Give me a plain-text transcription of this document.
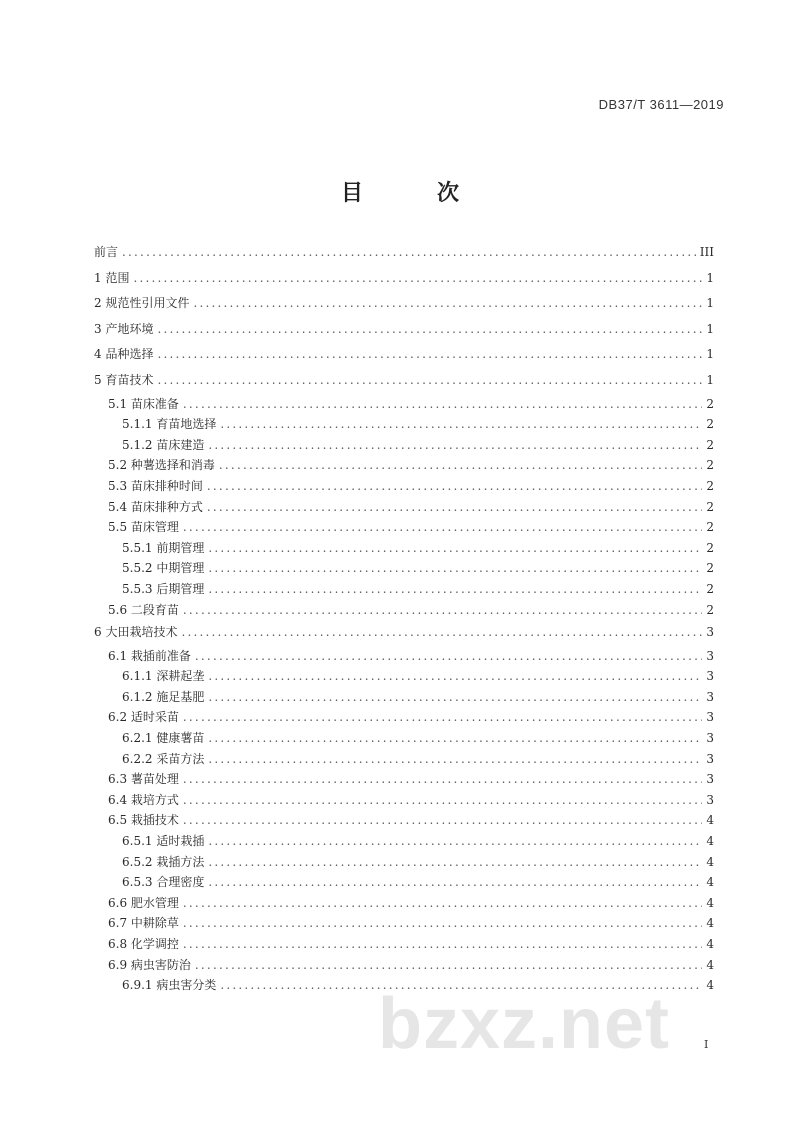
DB37/T 3611—2019
目　次
前言 .....	III
1 范围 .....	1
2 规范性引用文件 .....	1
3 产地环境 .....	1
4 品种选择 .....	1
5 育苗技术 .....	1
5.1 苗床准备 .....	2
5.1.1 育苗地选择 .....	2
5.1.2 苗床建造 .....	2
5.2 种薯选择和消毒 .....	2
5.3 苗床排种时间 .....	2
5.4 苗床排种方式 .....	2
5.5 苗床管理 .....	2
5.5.1 前期管理 .....	2
5.5.2 中期管理 .....	2
5.5.3 后期管理 .....	2
5.6 二段育苗 .....	2
6 大田栽培技术 .....	3
6.1 栽插前准备 .....	3
6.1.1 深耕起垄 .....	3
6.1.2 施足基肥 .....	3
6.2 适时采苗 .....	3
6.2.1 健康薯苗 .....	3
6.2.2 采苗方法 .....	3
6.3 薯苗处理 .....	3
6.4 栽培方式 .....	3
6.5 栽插技术 .....	4
6.5.1 适时栽插 .....	4
6.5.2 栽插方法 .....	4
6.5.3 合理密度 .....	4
6.6 肥水管理 .....	4
6.7 中耕除草 .....	4
6.8 化学调控 .....	4
6.9 病虫害防治 .....	4
6.9.1 病虫害分类 .....	4
bzxz.net	I
